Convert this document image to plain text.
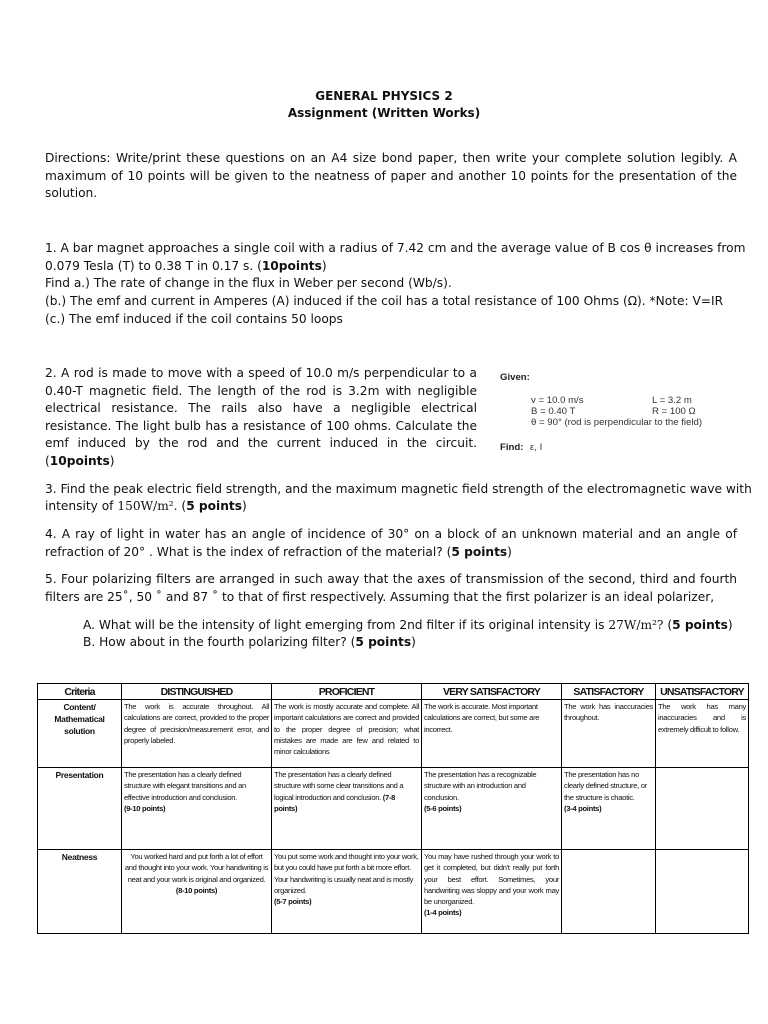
GENERAL PHYSICS 2
Assignment (Written Works)
Directions: Write/print these questions on an A4 size bond paper, then write your complete solution legibly. A maximum of 10 points will be given to the neatness of paper and another 10 points for the presentation of the solution.
1. A bar magnet approaches a single coil with a radius of 7.42 cm and the average value of B cos θ increases from
0.079 Tesla (T) to 0.38 T in 0.17 s. (10points)
Find a.) The rate of change in the flux in Weber per second (Wb/s).
(b.) The emf and current in Amperes (A) induced if the coil has a total resistance of 100 Ohms (Ω). *Note: V=IR
(c.) The emf induced if the coil contains 50 loops
2. A rod is made to move with a speed of 10.0 m/s perpendicular to a 0.40-T magnetic field. The length of the rod is 3.2m with negligible electrical resistance. The rails also have a negligible electrical resistance. The light bulb has a resistance of 100 ohms. Calculate the emf induced by the rod and the current induced in the circuit. (10points)
Given:
v = 10.0 m/s
B = 0.40 T
θ = 90° (rod is perpendicular to the field)
L = 3.2 m
R = 100 Ω
Find: ε, I
3. Find the peak electric field strength, and the maximum magnetic field strength of the electromagnetic wave with
intensity of 150W/m². (5 points)
4. A ray of light in water has an angle of incidence of 30° on a block of an unknown material and an angle of refraction of 20° . What is the index of refraction of the material? (5 points)
5. Four polarizing filters are arranged in such away that the axes of transmission of the second, third and fourth filters are 25˚, 50 ˚ and 87 ˚ to that of first respectively. Assuming that the first polarizer is an ideal polarizer,
A. What will be the intensity of light emerging from 2nd filter if its original intensity is 27W/m²? (5 points)
B. How about in the fourth polarizing filter? (5 points)
Criteria	DISTINGUISHED	PROFICIENT	VERY SATISFACTORY	SATISFACTORY	UNSATISFACTORY
Content/ Mathematical solution	The work is accurate throughout. All calculations are correct, provided to the proper degree of precision/measurement error, and properly labeled.	The work is mostly accurate and complete. All important calculations are correct and provided to the proper degree of precision; what mistakes are made are few and related to minor calculations	The work is accurate. Most important calculations are correct, but some are incorrect.	The work has inaccuracies throughout.	The work has many inaccuracies and is extremely difficult to follow.
Presentation	The presentation has a clearly defined structure with elegant transitions and an effective introduction and conclusion.
(9-10 points)	The presentation has a clearly defined structure with some clear transitions and a logical introduction and conclusion. (7-8 points)	The presentation has a recognizable structure with an introduction and conclusion.
(5-6 points)	The presentation has no clearly defined structure, or the structure is chaotic.
(3-4 points)	
Neatness	You worked hard and put forth a lot of effort and thought into your work. Your handwriting is neat and your work is original and organized.
(8-10 points)	You put some work and thought into your work, but you could have put forth a bit more effort. Your handwriting is usually neat and is mostly organized.
(5-7 points)	You may have rushed through your work to get it completed, but didn't really put forth your best effort. Sometimes, your handwriting was sloppy and your work may be unorganized.
(1-4 points)		
